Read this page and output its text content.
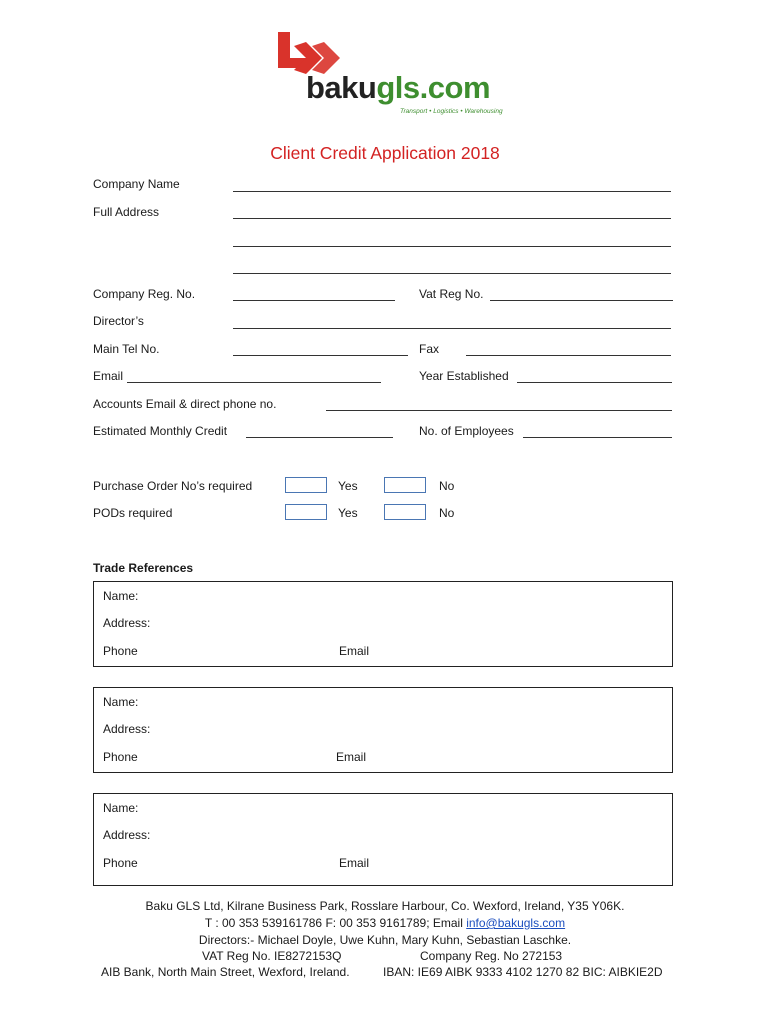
bakugls.com
Transport • Logistics • Warehousing
Client Credit Application 2018
Company Name
Full Address
Company Reg. No.	Vat Reg No.
Director’s
Main Tel No.	Fax
Email	Year Established
Accounts Email & direct phone no.
Estimated Monthly Credit	No. of Employees
Purchase Order No’s required	Yes	No
PODs required	Yes	No
Trade References
Name:
Address:
Phone	Email
Name:
Address:
Phone	Email
Name:
Address:
Phone	Email
Baku GLS Ltd, Kilrane Business Park, Rosslare Harbour, Co. Wexford, Ireland, Y35 Y06K.
T : 00 353 539161786 F: 00 353 9161789; Email info@bakugls.com
Directors:- Michael Doyle, Uwe Kuhn, Mary Kuhn, Sebastian Laschke.
VAT Reg No. IE8272153Q	Company Reg. No 272153
AIB Bank, North Main Street, Wexford, Ireland.	IBAN: IE69 AIBK 9333 4102 1270 82 BIC: AIBKIE2D
